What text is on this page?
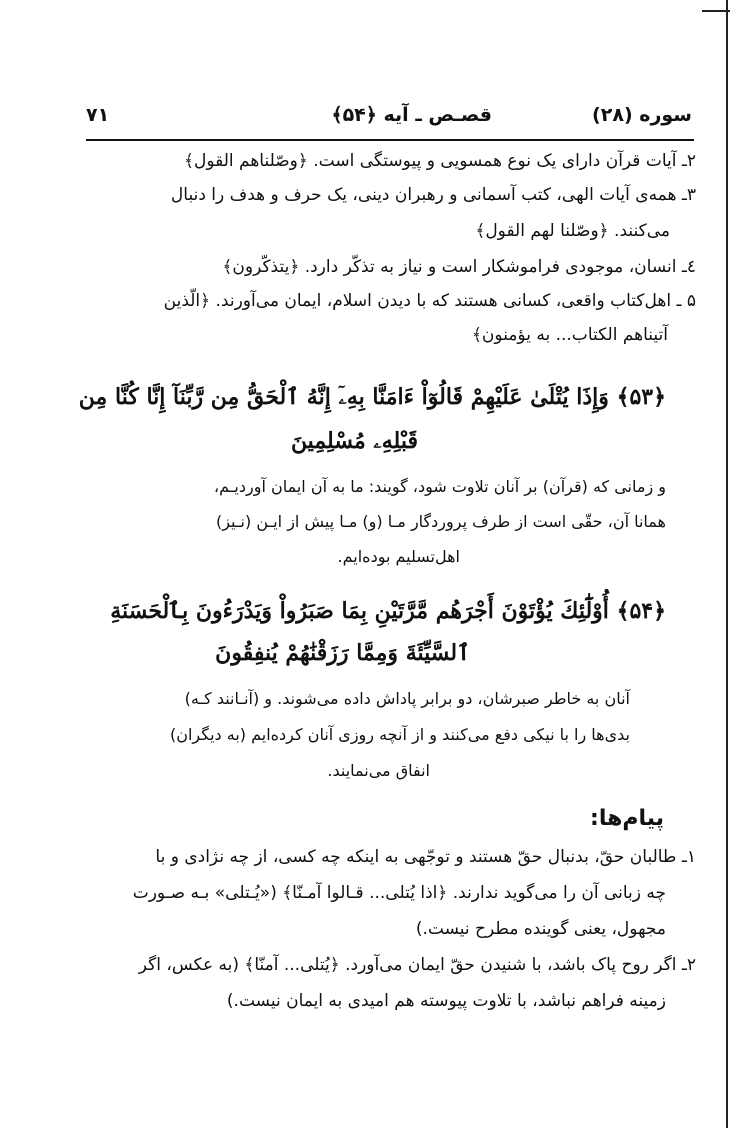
سوره (۲۸)
قصـص ـ آیه ﴿۵۴﴾
۷۱
۲ـ آیات قرآن دارای یک نوع همسویی و پیوستگی است. ﴿وصّلناهم القول﴾
۳ـ همه‌ی آیات الهی، کتب آسمانی و رهبران دینی، یک حرف و هدف را دنبال
می‌کنند. ﴿وصّلنا لهم القول﴾
٤ـ انسان، موجودی فراموشکار است و نیاز به تذکّر دارد. ﴿یتذکّرون﴾
۵ ـ اهل‌کتاب واقعی، کسانی هستند که با دیدن اسلام، ایمان می‌آورند. ﴿الّذین
آتیناهم الکتاب... به یؤمنون﴾
﴿۵۳﴾ وَإِذَا يُتْلَىٰ عَلَيْهِمْ قَالُوٓاْ ءَامَنَّا بِهِۦٓ إِنَّهُ ٱلْحَقُّ مِن رَّبِّنَآ إِنَّا كُنَّا مِن
قَبْلِهِۦ مُسْلِمِينَ
و زمانی که (قرآن) بر آنان تلاوت شود، گویند: ما به آن ایمان آوردیـم،
همانا آن، حقّی است از طرف پروردگار مـا (و) مـا پیش از ایـن (نـیز)
اهل‌تسلیم بوده‌ایم.
﴿۵۴﴾ أُوْلَٰٓئِكَ يُؤْتَوْنَ أَجْرَهُم مَّرَّتَيْنِ بِمَا صَبَرُواْ وَيَدْرَءُونَ بِٱلْحَسَنَةِ
ٱلسَّيِّئَةَ وَمِمَّا رَزَقْنَٰهُمْ يُنفِقُونَ
آنان به خاطر صبرشان، دو برابر پاداش داده می‌شوند. و (آنـانند کـه)
بدی‌ها را با نیکی دفع می‌کنند و از آنچه روزی آنان کرده‌ایم (به دیگران)
انفاق می‌نمایند.
پیام‌ها:
۱ـ طالبان حقّ، بدنبال حقّ هستند و توجّهی به اینکه چه کسی، از چه نژادی و با
چه زبانی آن را می‌گوید ندارند. ﴿اذا یُتلی... قـالوا آمـنّا﴾ («یُـتلی» بـه صـورت
مجهول، یعنی گوینده مطرح نیست.)
۲ـ اگر روح پاک باشد، با شنیدن حقّ ایمان می‌آورد. ﴿یُتلی... آمنّا﴾ (به عکس، اگر
زمینه فراهم نباشد، با تلاوت پیوسته هم امیدی به ایمان نیست.)
